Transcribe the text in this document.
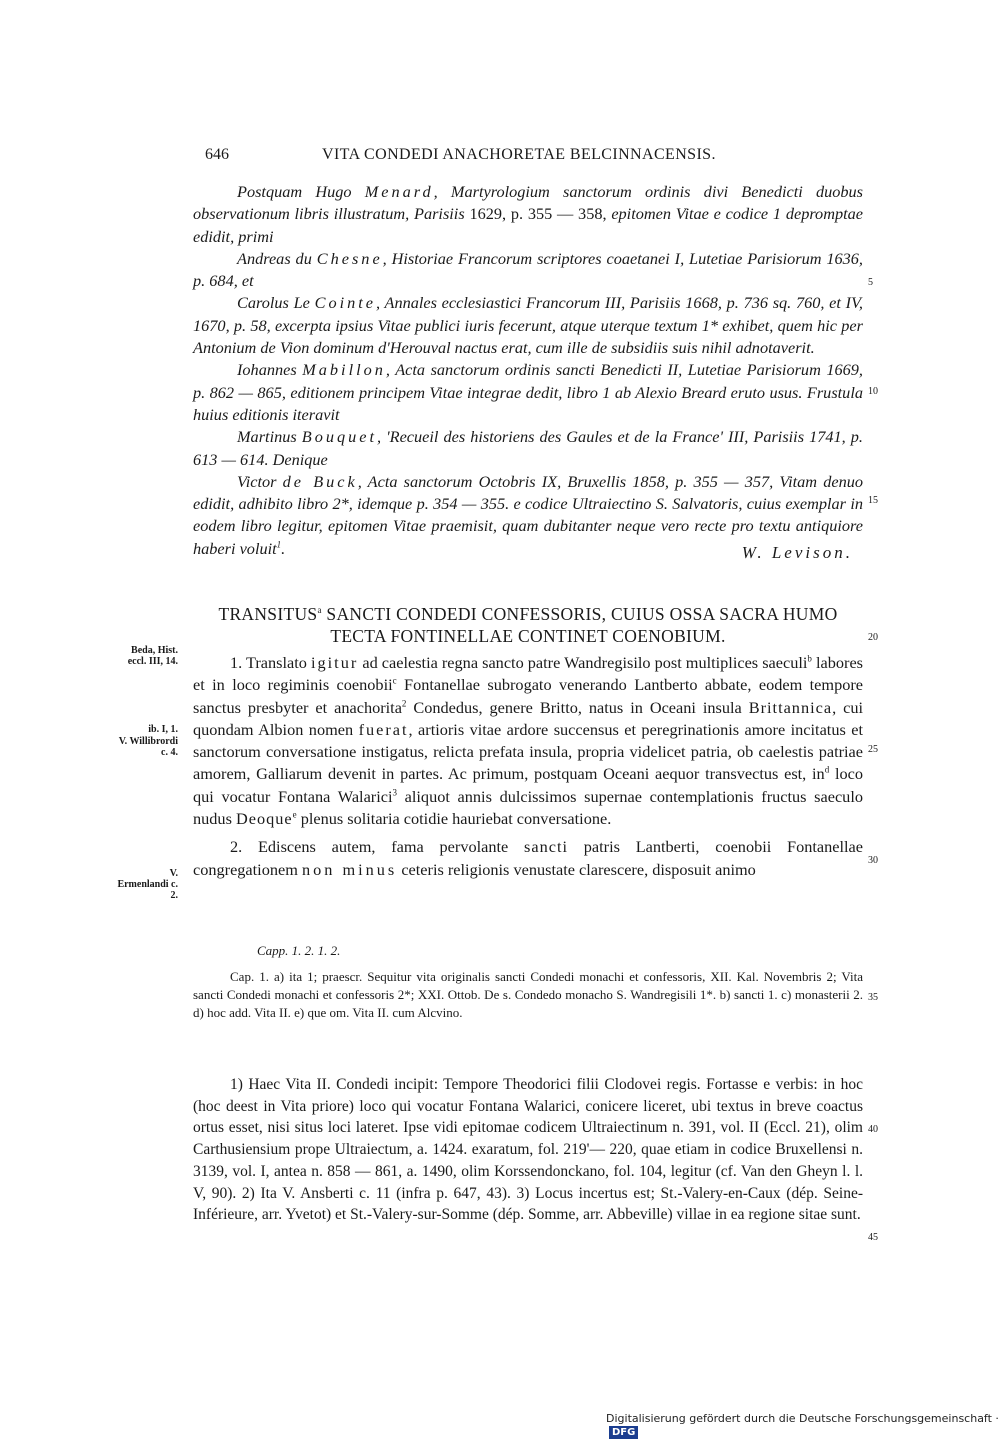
646	VITA CONDEDI ANACHORETAE BELCINNACENSIS.

Postquam Hugo Menard, Martyrologium sanctorum ordinis divi Benedicti duobus observationum libris illustratum, Parisiis 1629, p. 355 — 358, epitomen Vitae e codice 1 depromptae edidit, primi

Andreas du Chesne, Historiae Francorum scriptores coaetanei I, Lutetiae Parisiorum 1636, p. 684, et

Carolus Le Cointe, Annales ecclesiastici Francorum III, Parisiis 1668, p. 736 sq. 760, et IV, 1670, p. 58, excerpta ipsius Vitae publici iuris fecerunt, atque uterque textum 1* exhibet, quem hic per Antonium de Vion dominum d'Herouval nactus erat, cum ille de subsidiis suis nihil adnotaverit.

Iohannes Mabillon, Acta sanctorum ordinis sancti Benedicti II, Lutetiae Parisiorum 1669, p. 862 — 865, editionem principem Vitae integrae dedit, libro 1 ab Alexio Breard eruto usus. Frustula huius editionis iteravit

Martinus Bouquet, 'Recueil des historiens des Gaules et de la France' III, Parisiis 1741, p. 613 — 614. Denique

Victor de Buck, Acta sanctorum Octobris IX, Bruxellis 1858, p. 355 — 357, Vitam denuo edidit, adhibito libro 2*, idemque p. 354 — 355. e codice Ultraiectino S. Salvatoris, cuius exemplar in eodem libro legitur, epitomen Vitae praemisit, quam dubitanter neque vero recte pro textu antiquiore haberi voluit$^1$.	W. Levison.

5
10
15
20
25
30
35
40
45
TRANSITUS$^a$ SANCTI CONDEDI CONFESSORIS, CUIUS OSSA SACRA HUMO
TECTA FONTINELLAE CONTINET COENOBIUM.
Beda, Hist. eccl. III, 14.
ib. I, 1.
V. Willibrordi c. 4.
V. Ermenlandi c. 2.

1. Translato igitur ad caelestia regna sancto patre Wandregisilo post multiplices saeculi$^b$ labores et in loco regiminis coenobii$^c$ Fontanellae subrogato venerando Lantberto abbate, eodem tempore sanctus presbyter et anachorita$^2$ Condedus, genere Britto, natus in Oceani insula Brittannica, cui quondam Albion nomen fuerat, artioris vitae ardore succensus et peregrinationis amore incitatus et sanctorum conversatione instigatus, relicta prefata insula, propria videlicet patria, ob caelestis patriae amorem, Galliarum devenit in partes. Ac primum, postquam Oceani aequor transvectus est, $in^d$ loco qui vocatur Fontana Walarici$^3$ aliquot annis dulcissimos supernae contemplationis fructus saeculo nudus Deoque$^e$ plenus solitaria cotidie hauriebat conversatione.

2. Ediscens autem, fama pervolante sancti patris Lantberti, coenobii Fontanellae congregationem non minus ceteris religionis venustate clarescere, disposuit animo

Capp. 1. 2. 1. 2.
Cap. 1. a) ita 1; praescr. Sequitur vita originalis sancti Condedi monachi et confessoris, XII. Kal. Novembris 2; Vita sancti Condedi monachi et confessoris 2*; XXI. Ottob. De s. Condedo monacho S. Wandregisili 1*. b) sancti 1. c) monasterii 2. d) hoc add. Vita II. e) que om. Vita II. cum Alcvino.

1) Haec Vita II. Condedi incipit: Tempore Theodorici filii Clodovei regis. Fortasse e verbis: in hoc (hoc deest in Vita priore) loco qui vocatur Fontana Walarici, conicere liceret, ubi textus in breve coactus ortus esset, nisi situs loci lateret. Ipse vidi epitomae codicem Ultraiectinum n. 391, vol. II (Eccl. 21), olim Carthusiensium prope Ultraiectum, a. 1424. exaratum, fol. 219'— 220, quae etiam in codice Bruxellensi n. 3139, vol. I, antea n. 858 — 861, a. 1490, olim Korssendonckano, fol. 104, legitur (cf. Van den Gheyn l. l. V, 90). 2) Ita V. Ansberti c. 11 (infra p. 647, 43). 3) Locus incertus est; St.-Valery-en-Caux (dép. Seine-Inférieure, arr. Yvetot) et St.-Valery-sur-Somme (dép. Somme, arr. Abbeville) villae in ea regione sitae sunt.

Digitalisierung gefördert durch die Deutsche Forschungsgemeinschaft ·DFG
